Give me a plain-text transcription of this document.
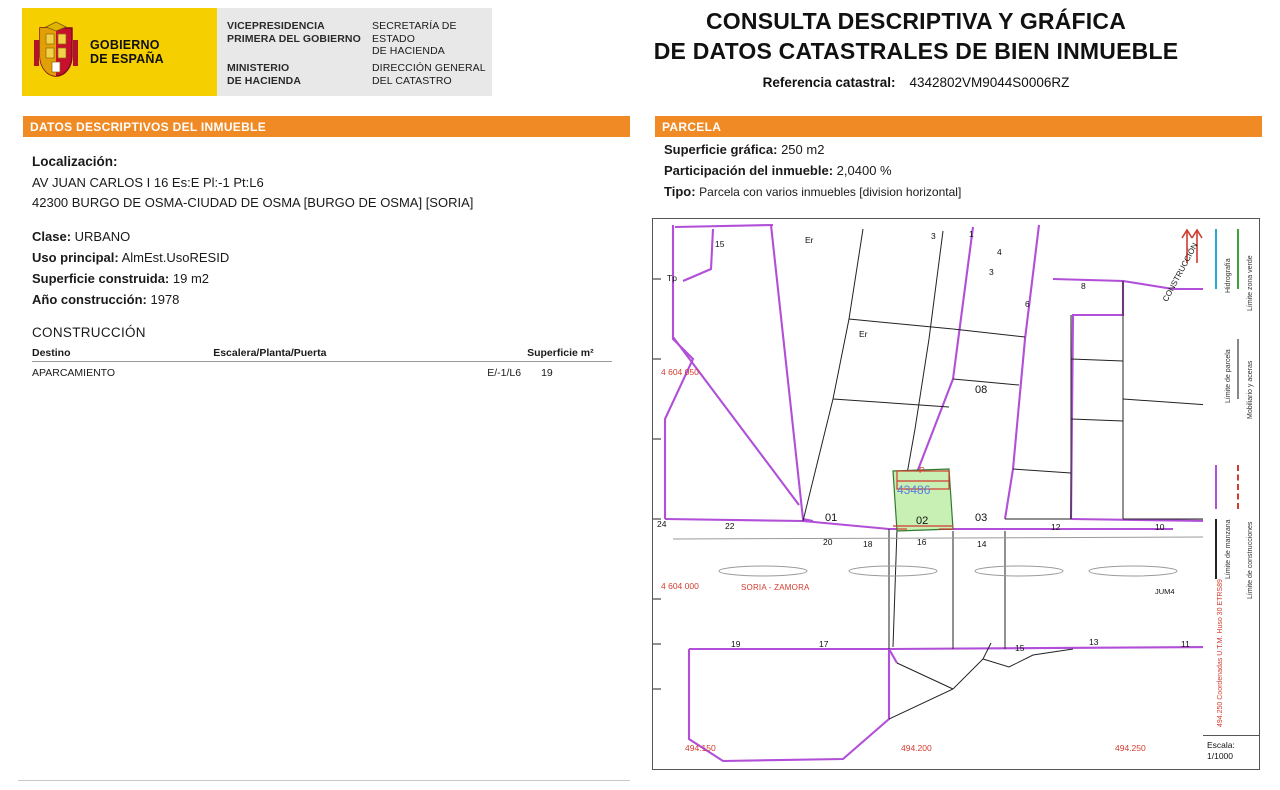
GOBIERNO
DE ESPAÑA
VICEPRESIDENCIA
PRIMERA DEL GOBIERNO
SECRETARÍA DE ESTADO
DE HACIENDA
MINISTERIO
DE HACIENDA
DIRECCIÓN GENERAL
DEL CATASTRO
CONSULTA DESCRIPTIVA Y GRÁFICA
DE DATOS CATASTRALES DE BIEN INMUEBLE
Referencia catastral: 4342802VM9044S0006RZ
DATOS DESCRIPTIVOS DEL INMUEBLE	PARCELA
Localización:
AV JUAN CARLOS I 16 Es:E Pl:-1 Pt:L6
42300 BURGO DE OSMA-CIUDAD DE OSMA [BURGO DE OSMA] [SORIA]
Clase: URBANO
Uso principal: AlmEst.UsoRESID
Superficie construida: 19 m2
Año construcción: 1978
CONSTRUCCIÓN
Destino	Escalera/Planta/Puerta	Superficie m²
APARCAMIENTO	E/-1/L6	19
Superficie gráfica: 250 m2
Participación del inmueble: 2,0400 %
Tipo: Parcela con varios inmuebles [division horizontal]
15	Er	3	1
4
3
Tp
Er
8
6
08
01	02	03
12	10
22
24
20	18	16	14
19	17	15
13	11
43486
P
CONSTRUCCIÓN
SORIA - ZAMORA	JUM4
4 604 050
4 604 000
494.150	494.200	494.250
Hidrografía Límite zona verde
Límite de parcela Mobiliario y aceras
Límite de manzana Límite de construcciones
494.250 Coordenadas U.T.M. Huso 30 ETRS89
Escala:
1/1000
